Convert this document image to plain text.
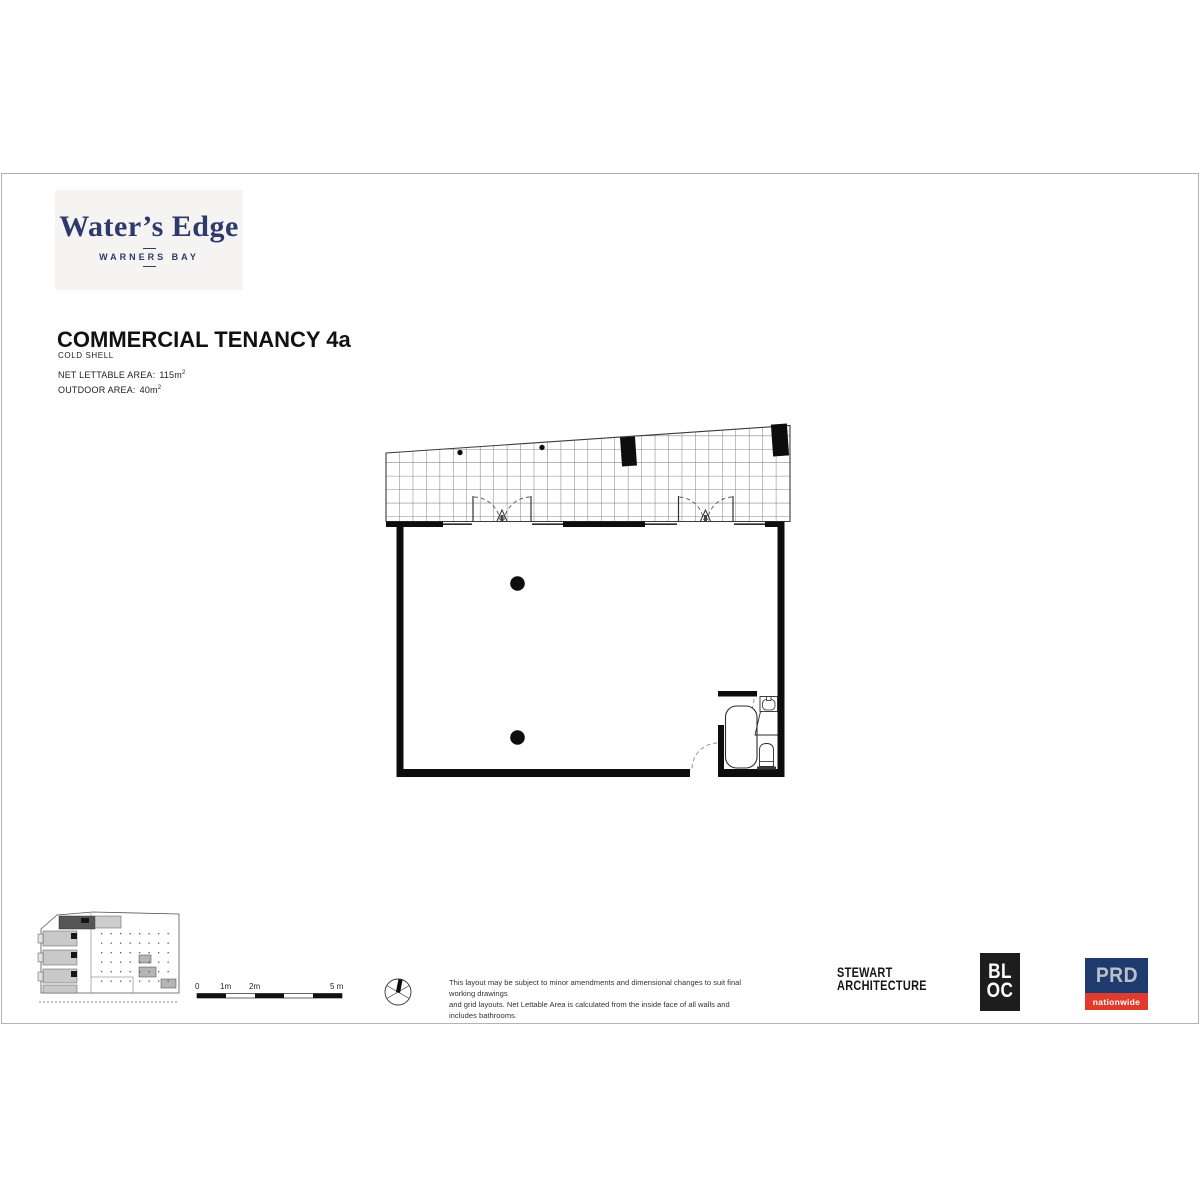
Water’s Edge
WARNERS BAY
COMMERCIAL TENANCY 4a
COLD SHELL
NET LETTABLE AREA: $115m^2$
OUTDOOR AREA: $40m^2$
0	1m 2m	5 m	This layout may be subject to minor amendments and dimensional changes to suit final working drawings
and grid layouts. Net Lettable Area is calculated from the inside face of all walls and includes bathrooms.
STEWART
ARCHITECTURE
BL
OC
PRD
nationwide
